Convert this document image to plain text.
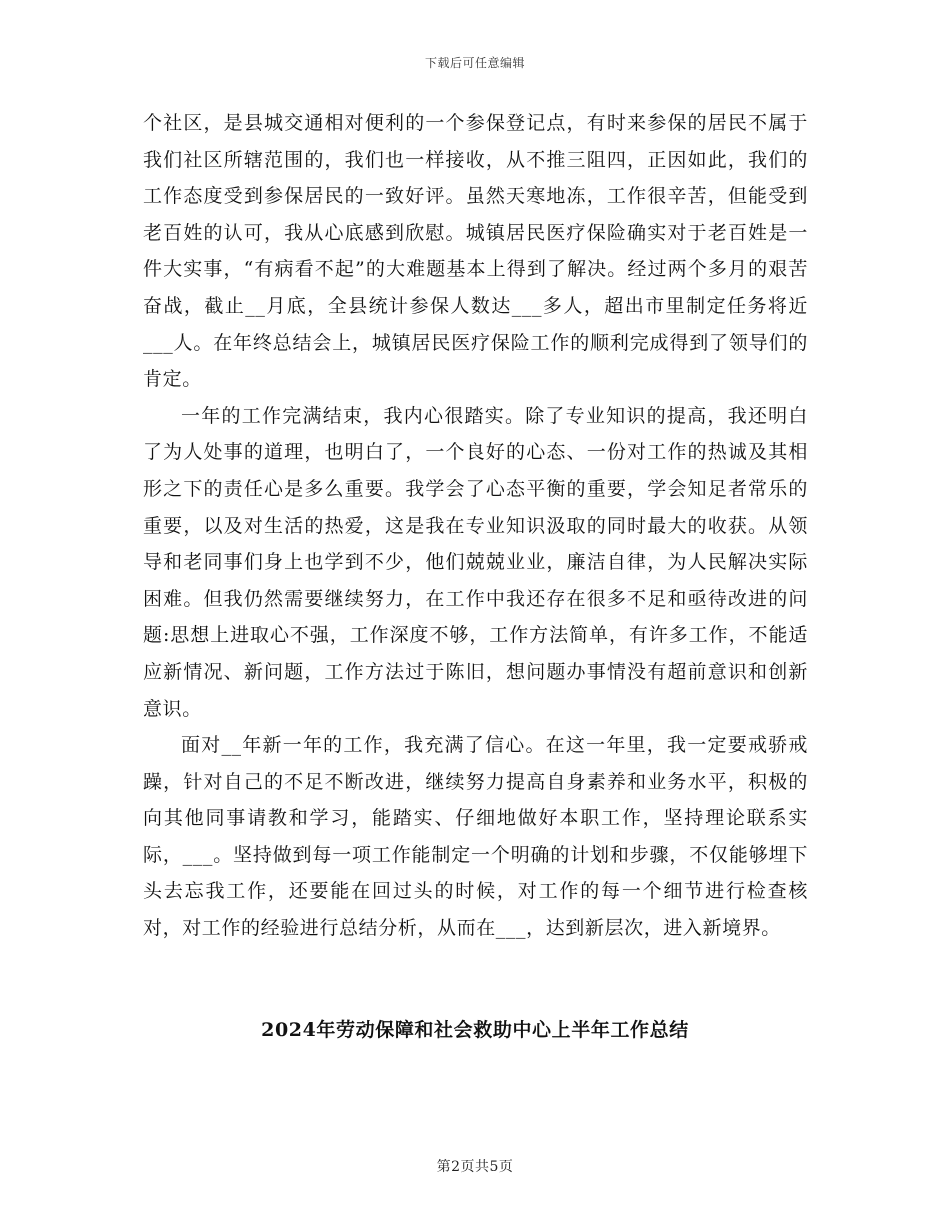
下载后可任意编辑

个社区，是县城交通相对便利的一个参保登记点，有时来参保的居民不属于我们社区所辖范围的，我们也一样接收，从不推三阻四，正因如此，我们的工作态度受到参保居民的一致好评。虽然天寒地冻，工作很辛苦，但能受到老百姓的认可，我从心底感到欣慰。城镇居民医疗保险确实对于老百姓是一件大实事，“有病看不起”的大难题基本上得到了解决。经过两个多月的艰苦奋战，截止__月底，全县统计参保人数达___多人，超出市里制定任务将近___人。在年终总结会上，城镇居民医疗保险工作的顺利完成得到了领导们的肯定。

一年的工作完满结束，我内心很踏实。除了专业知识的提高，我还明白了为人处事的道理，也明白了，一个良好的心态、一份对工作的热诚及其相形之下的责任心是多么重要。我学会了心态平衡的重要，学会知足者常乐的重要，以及对生活的热爱，这是我在专业知识汲取的同时最大的收获。从领导和老同事们身上也学到不少，他们兢兢业业，廉洁自律，为人民解决实际困难。但我仍然需要继续努力，在工作中我还存在很多不足和亟待改进的问题:思想上进取心不强，工作深度不够，工作方法简单，有许多工作，不能适应新情况、新问题，工作方法过于陈旧，想问题办事情没有超前意识和创新意识。

面对__年新一年的工作，我充满了信心。在这一年里，我一定要戒骄戒躁，针对自己的不足不断改进，继续努力提高自身素养和业务水平，积极的向其他同事请教和学习，能踏实、仔细地做好本职工作，坚持理论联系实际，___。坚持做到每一项工作能制定一个明确的计划和步骤，不仅能够埋下头去忘我工作，还要能在回过头的时候，对工作的每一个细节进行检查核对，对工作的经验进行总结分析，从而在___，达到新层次，进入新境界。

2024年劳动保障和社会救助中心上半年工作总结
第2页共5页
